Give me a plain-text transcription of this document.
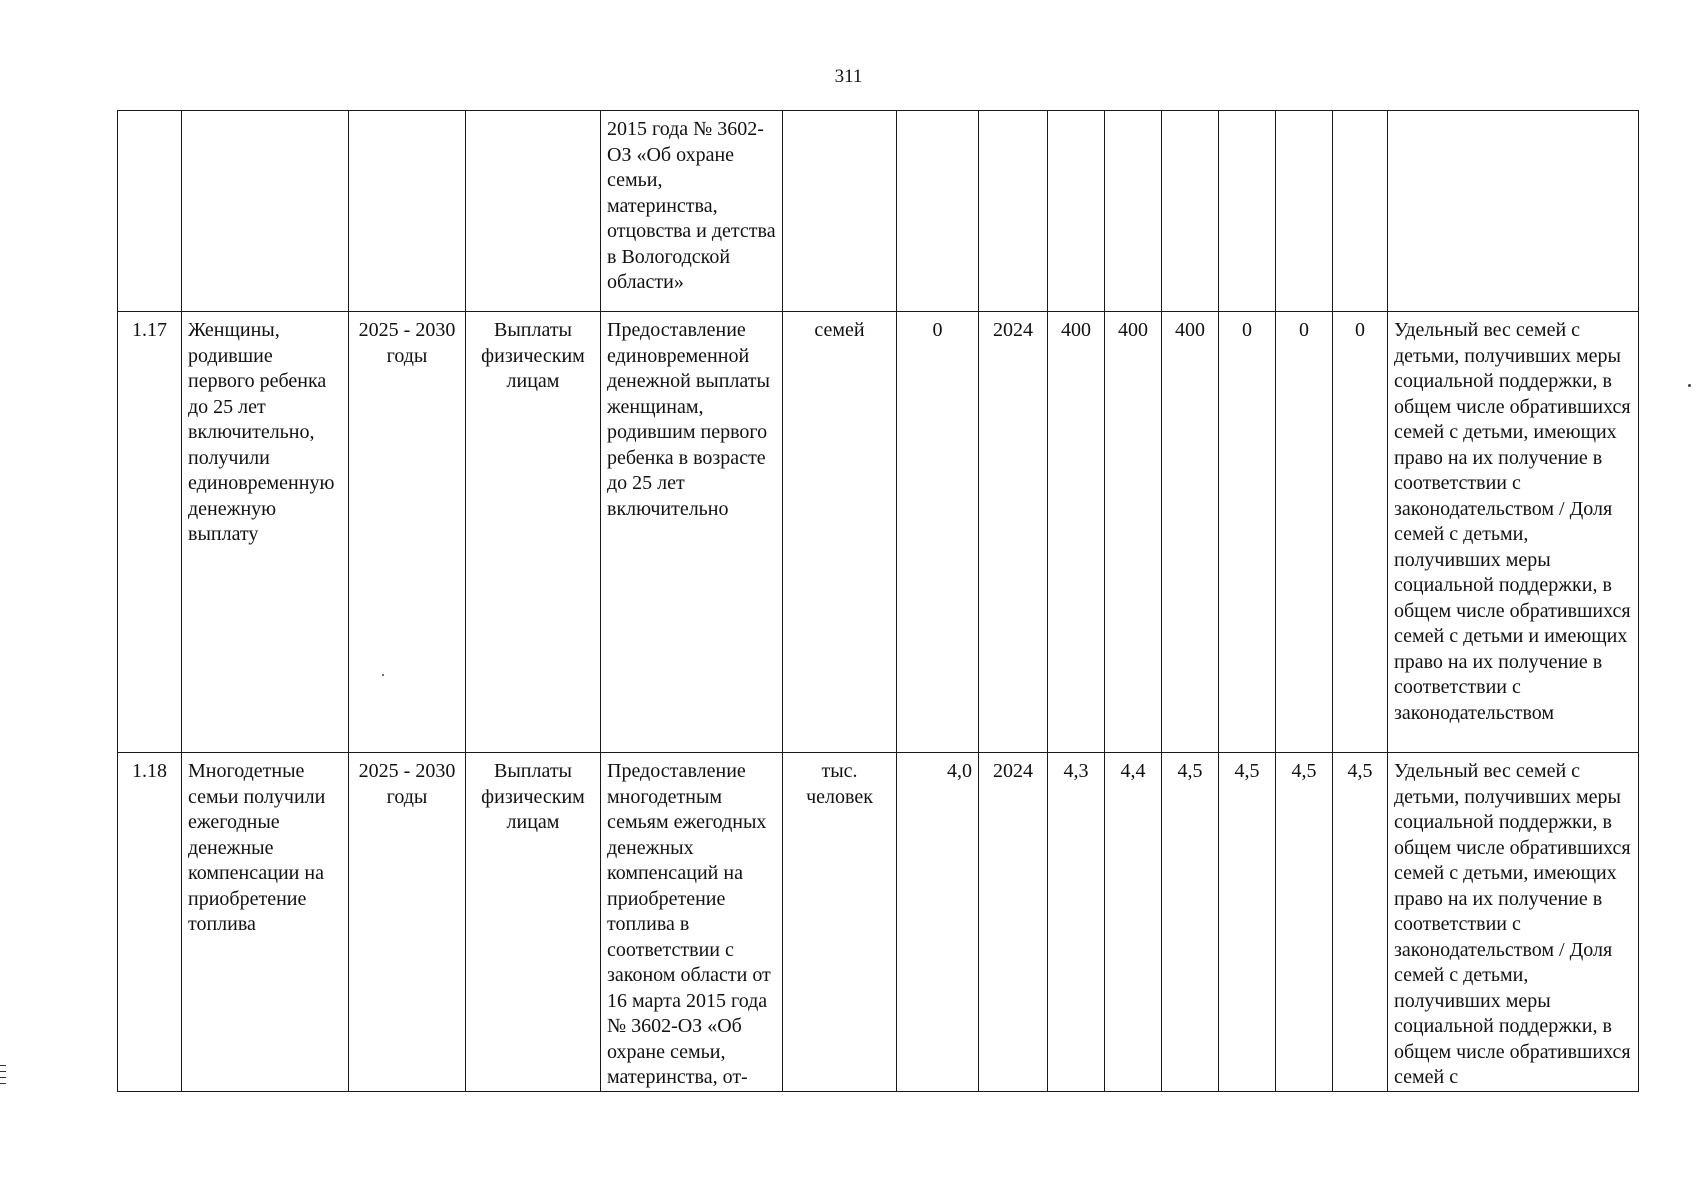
311
				2015 года № 3602-ОЗ «Об охране семьи, материнства, отцовства и детства в Вологодской области»										
1.17	Женщины, родившие первого ребенка до 25 лет включительно, получили единовременную денежную выплату	2025 - 2030 годы	Выплаты физическим лицам	Предоставление единовременной денежной выплаты женщинам, родившим первого ребенка в возрасте до 25 лет включительно	семей	0	2024	400	400	400	0	0	0	Удельный вес семей с детьми, получивших меры социальной поддержки, в общем числе обратившихся семей с детьми, имеющих право на их получение в соответствии с законодательством / Доля семей с детьми, получивших меры социальной поддержки, в общем числе обратившихся семей с детьми и имеющих право на их получение в соответствии с законодательством
1.18	Многодетные семьи получили ежегодные денежные компенсации на приобретение топлива	2025 - 2030 годы	Выплаты физическим лицам	Предоставление многодетным семьям ежегодных денежных компенсаций на приобретение топлива в соответствии с законом области от 16 марта 2015 года № 3602-ОЗ «Об охране семьи, материнства, от-	тыс. человек	4,0	2024	4,3	4,4	4,5	4,5	4,5	4,5	Удельный вес семей с детьми, получивших меры социальной поддержки, в общем числе обратившихся семей с детьми, имеющих право на их получение в соответствии с законодательством / Доля семей с детьми, получивших меры социальной поддержки, в общем числе обратившихся семей с
